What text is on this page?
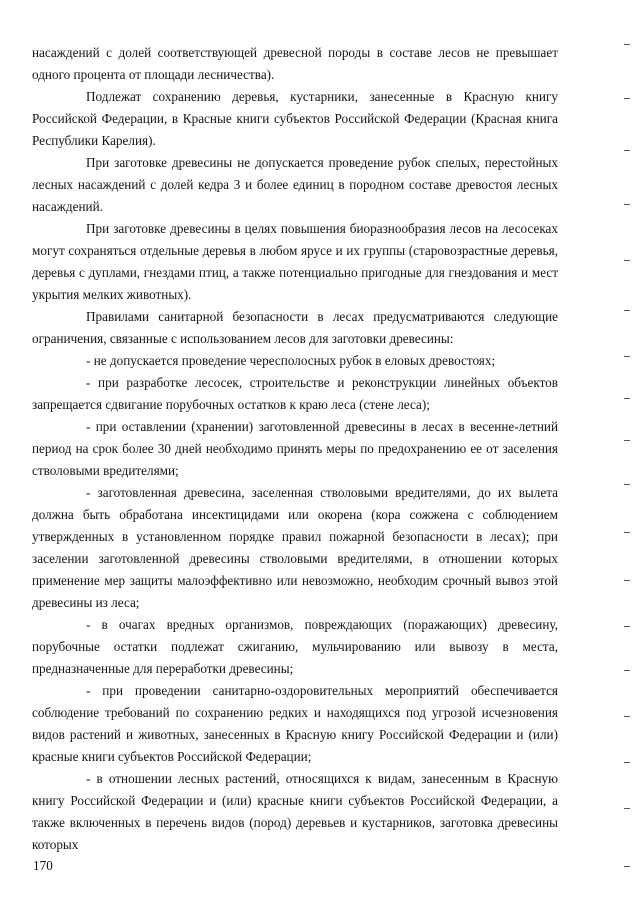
насаждений с долей соответствующей древесной породы в составе лесов не превышает одного процента от площади лесничества).

Подлежат сохранению деревья, кустарники, занесенные в Красную книгу Российской Федерации, в Красные книги субъектов Российской Федерации (Красная книга Республики Карелия).

При заготовке древесины не допускается проведение рубок спелых, перестойных лесных насаждений с долей кедра 3 и более единиц в породном составе древостоя лесных насаждений.

При заготовке древесины в целях повышения биоразнообразия лесов на лесосеках могут сохраняться отдельные деревья в любом ярусе и их группы (старовозрастные деревья, деревья с дуплами, гнездами птиц, а также потенциально пригодные для гнездования и мест укрытия мелких животных).

Правилами санитарной безопасности в лесах предусматриваются следующие ограничения, связанные с использованием лесов для заготовки древесины:

- не допускается проведение чересполосных рубок в еловых древостоях;

- при разработке лесосек, строительстве и реконструкции линейных объектов запрещается сдвигание порубочных остатков к краю леса (стене леса);

- при оставлении (хранении) заготовленной древесины в лесах в весенне-летний период на срок более 30 дней необходимо принять меры по предохранению ее от заселения стволовыми вредителями;

- заготовленная древесина, заселенная стволовыми вредителями, до их вылета должна быть обработана инсектицидами или окорена (кора сожжена с соблюдением утвержденных в установленном порядке правил пожарной безопасности в лесах); при заселении заготовленной древесины стволовыми вредителями, в отношении которых применение мер защиты малоэффективно или невозможно, необходим срочный вывоз этой древесины из леса;

- в очагах вредных организмов, повреждающих (поражающих) древесину, порубочные остатки подлежат сжиганию, мульчированию или вывозу в места, предназначенные для переработки древесины;

- при проведении санитарно-оздоровительных мероприятий обеспечивается соблюдение требований по сохранению редких и находящихся под угрозой исчезновения видов растений и животных, занесенных в Красную книгу Российской Федерации и (или) красные книги субъектов Российской Федерации;

- в отношении лесных растений, относящихся к видам, занесенным в Красную книгу Российской Федерации и (или) красные книги субъектов Российской Федерации, а также включенных в перечень видов (пород) деревьев и кустарников, заготовка древесины которых

170
